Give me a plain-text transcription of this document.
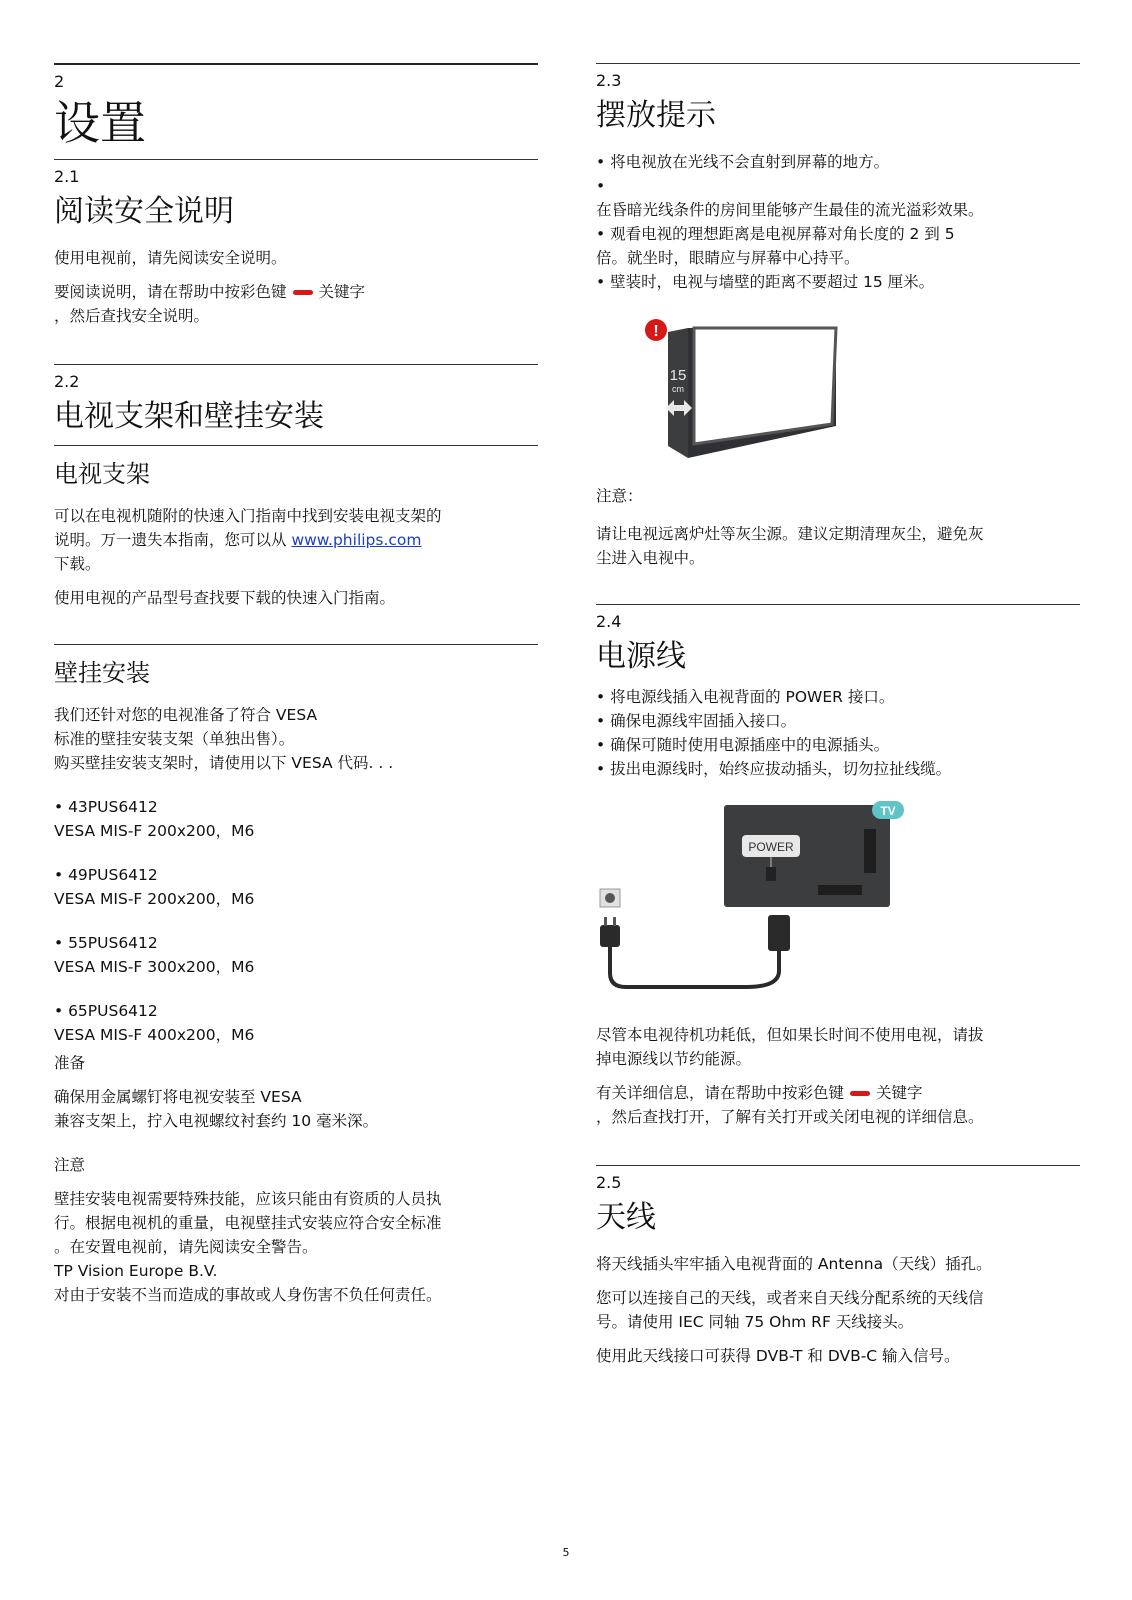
2
设置
2.1
阅读安全说明

使用电视前，请先阅读安全说明。

要阅读说明，请在帮助中按彩色键 关键字
，然后查找安全说明。

2.2
电视支架和壁挂安装
电视支架

可以在电视机随附的快速入门指南中找到安装电视支架的
说明。万一遗失本指南，您可以从 www.philips.com
下载。

使用电视的产品型号查找要下载的快速入门指南。

壁挂安装
我们还针对您的电视准备了符合 VESA
标准的壁挂安装支架（单独出售）。
购买壁挂安装支架时，请使用以下 VESA 代码. . .
• 43PUS6412
VESA MIS-F 200x200，M6
• 49PUS6412
VESA MIS-F 200x200，M6
• 55PUS6412
VESA MIS-F 300x200，M6
• 65PUS6412
VESA MIS-F 400x200，M6
准备
确保用金属螺钉将电视安装至 VESA
兼容支架上，拧入电视螺纹衬套约 10 毫米深。
注意
壁挂安装电视需要特殊技能，应该只能由有资质的人员执
行。根据电视机的重量，电视壁挂式安装应符合安全标准
。在安置电视前，请先阅读安全警告。
TP Vision Europe B.V.
对由于安装不当而造成的事故或人身伤害不负任何责任。
2.3
摆放提示
• 将电视放在光线不会直射到屏幕的地方。
•
在昏暗光线条件的房间里能够产生最佳的流光溢彩效果。
• 观看电视的理想距离是电视屏幕对角长度的 2 到 5
倍。就坐时，眼睛应与屏幕中心持平。
• 壁装时，电视与墙壁的距离不要超过 15 厘米。
15
cm
!

注意：

请让电视远离炉灶等灰尘源。建议定期清理灰尘，避免灰
尘进入电视中。

2.4
电源线
• 将电源线插入电视背面的 POWER 接口。
• 确保电源线牢固插入接口。
• 确保可随时使用电源插座中的电源插头。
• 拔出电源线时，始终应拔动插头，切勿拉扯线缆。
TV
POWER

尽管本电视待机功耗低，但如果长时间不使用电视，请拔
掉电源线以节约能源。

有关详细信息，请在帮助中按彩色键 关键字
，然后查找打开，了解有关打开或关闭电视的详细信息。

2.5
天线

将天线插头牢牢插入电视背面的 Antenna（天线）插孔。

您可以连接自己的天线，或者来自天线分配系统的天线信
号。请使用 IEC 同轴 75 Ohm RF 天线接头。

使用此天线接口可获得 DVB-T 和 DVB-C 输入信号。

5
